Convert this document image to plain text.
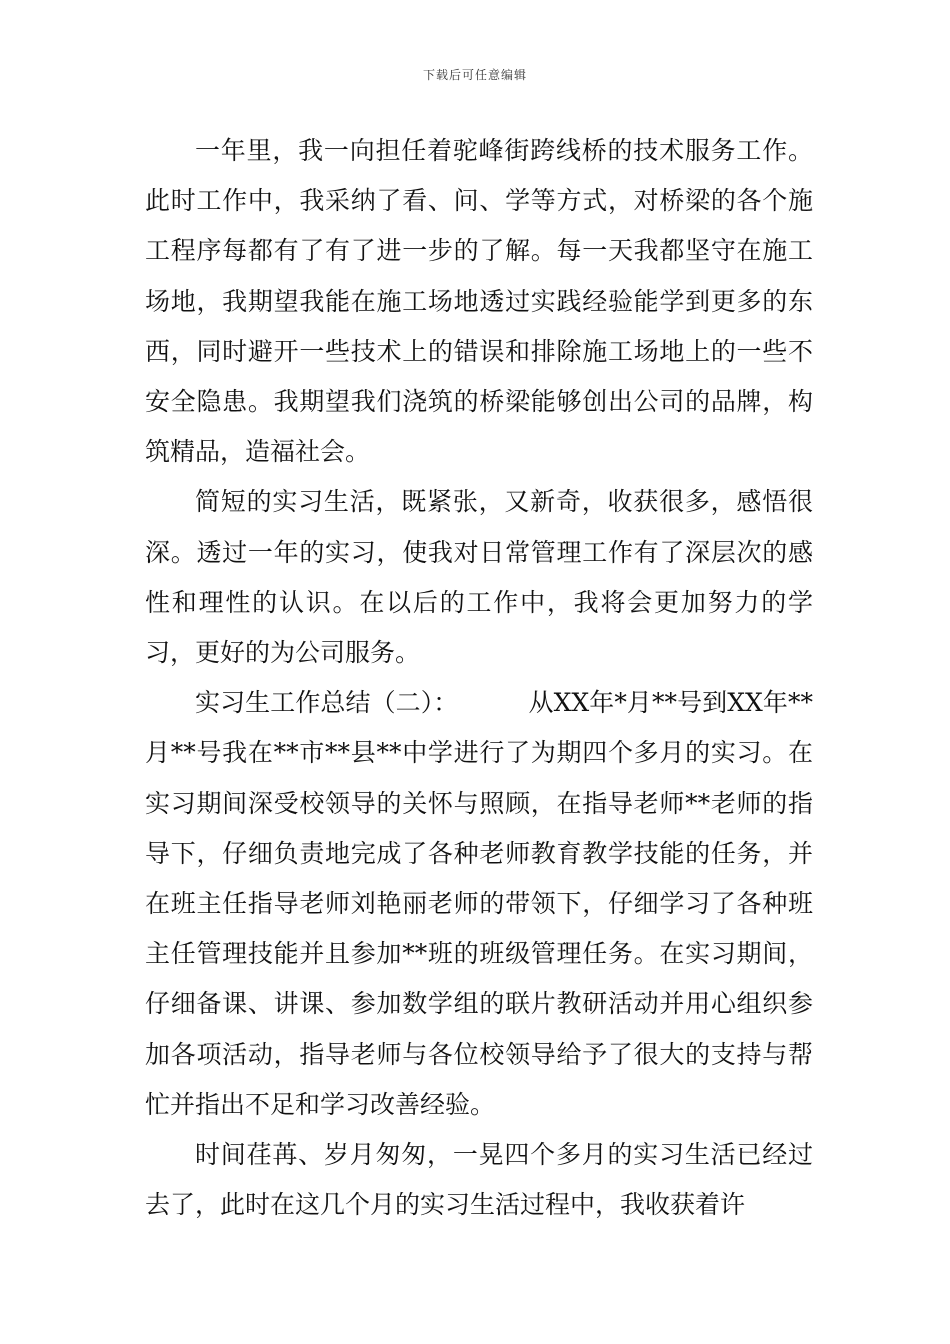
下载后可任意编辑

一年里，我一向担任着驼峰街跨线桥的技术服务工作。此时工作中，我采纳了看、问、学等方式，对桥梁的各个施工程序每都有了有了进一步的了解。每一天我都坚守在施工场地，我期望我能在施工场地透过实践经验能学到更多的东西，同时避开一些技术上的错误和排除施工场地上的一些不安全隐患。我期望我们浇筑的桥梁能够创出公司的品牌，构筑精品，造福社会。

简短的实习生活，既紧张，又新奇，收获很多，感悟很深。透过一年的实习，使我对日常管理工作有了深层次的感性和理性的认识。在以后的工作中，我将会更加努力的学习，更好的为公司服务。

实习生工作总结（二）：	从XX年*月**号到XX年**月**号我在**市**县**中学进行了为期四个多月的实习。在实习期间深受校领导的关怀与照顾，在指导老师**老师的指导下，仔细负责地完成了各种老师教育教学技能的任务，并在班主任指导老师刘艳丽老师的带领下，仔细学习了各种班主任管理技能并且参加**班的班级管理任务。在实习期间，仔细备课、讲课、参加数学组的联片教研活动并用心组织参加各项活动，指导老师与各位校领导给予了很大的支持与帮忙并指出不足和学习改善经验。

时间荏苒、岁月匆匆，一晃四个多月的实习生活已经过去了，此时在这几个月的实习生活过程中，我收获着许
